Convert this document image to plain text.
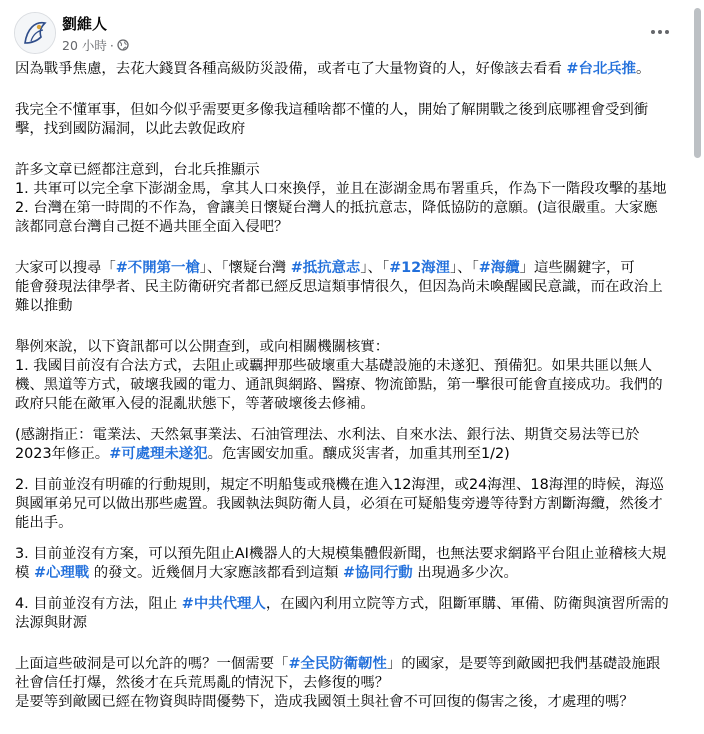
劉維人
20 小時 ·

因為戰爭焦慮，去花大錢買各種高級防災設備，或者屯了大量物資的人，好像該去看看 #台北兵推。

我完全不懂軍事，但如今似乎需要更多像我這種啥都不懂的人，開始了解開戰之後到底哪裡會受到衝
擊，找到國防漏洞，以此去敦促政府

許多文章已經都注意到，台北兵推顯示
1. 共軍可以完全拿下澎湖金馬，拿其人口來換俘，並且在澎湖金馬布署重兵，作為下一階段攻擊的基地
2. 台灣在第一時間的不作為，會讓美日懷疑台灣人的抵抗意志，降低協防的意願。(這很嚴重。大家應
該都同意台灣自己挺不過共匪全面入侵吧？

大家可以搜尋「#不開第一槍」、「懷疑台灣 #抵抗意志」、「#12海浬」、「#海纜」這些關鍵字，可
能會發現法律學者、民主防衛研究者都已經反思這類事情很久，但因為尚未喚醒國民意識，而在政治上
難以推動

舉例來說，以下資訊都可以公開查到，或向相關機關核實：
1. 我國目前沒有合法方式，去阻止或覊押那些破壞重大基礎設施的未遂犯、預備犯。如果共匪以無人
機、黑道等方式，破壞我國的電力、通訊與網路、醫療、物流節點，第一擊很可能會直接成功。我們的
政府只能在敵軍入侵的混亂狀態下，等著破壞後去修補。

(感謝指正：電業法、天然氣事業法、石油管理法、水利法、自來水法、銀行法、期貨交易法等已於
2023年修正。#可處理未遂犯。危害國安加重。釀成災害者，加重其刑至1/2)

2. 目前並沒有明確的行動規則，規定不明船隻或飛機在進入12海浬，或24海浬、18海浬的時候，海巡
與國軍弟兄可以做出那些處置。我國執法與防衛人員，必須在可疑船隻旁邊等待對方割斷海纜，然後才
能出手。

3. 目前並沒有方案，可以預先阻止AI機器人的大規模集體假新聞，也無法要求網路平台阻止並稽核大規
模 #心理戰 的發文。近幾個月大家應該都看到這類 #協同行動 出現過多少次。

4. 目前並沒有方法，阻止 #中共代理人，在國內利用立院等方式，阻斷軍購、軍備、防衛與演習所需的
法源與財源

上面這些破洞是可以允許的嗎？一個需要「#全民防衛韌性」的國家，是要等到敵國把我們基礎設施跟
社會信任打爆，然後才在兵荒馬亂的情況下，去修復的嗎？
是要等到敵國已經在物資與時間優勢下，造成我國領土與社會不可回復的傷害之後，才處理的嗎？
